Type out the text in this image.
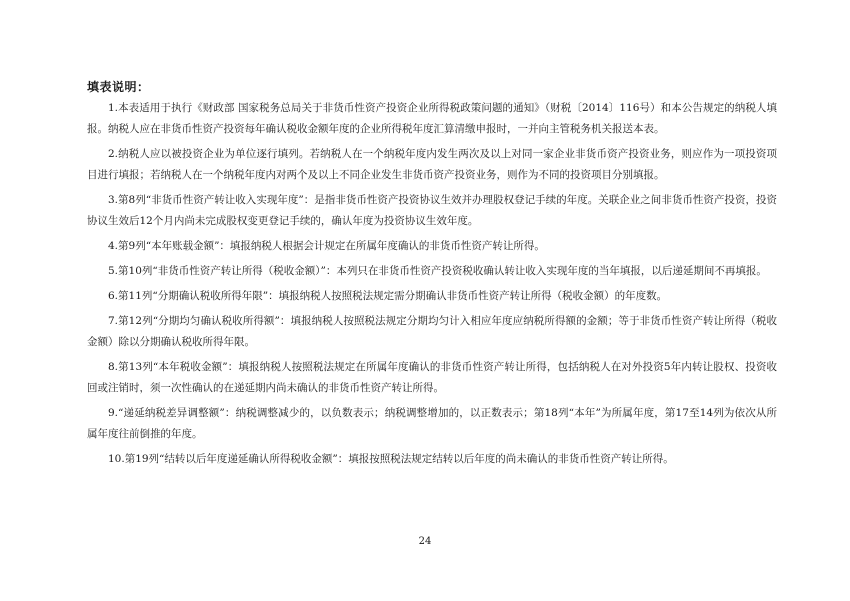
填表说明：

1.本表适用于执行《财政部 国家税务总局关于非货币性资产投资企业所得税政策问题的通知》（财税〔2014〕116号）和本公告规定的纳税人填报。纳税人应在非货币性资产投资每年确认税收金额年度的企业所得税年度汇算清缴申报时，一并向主管税务机关报送本表。

2.纳税人应以被投资企业为单位逐行填列。若纳税人在一个纳税年度内发生两次及以上对同一家企业非货币资产投资业务，则应作为一项投资项目进行填报；若纳税人在一个纳税年度内对两个及以上不同企业发生非货币资产投资业务，则作为不同的投资项目分别填报。

3.第8列“非货币性资产转让收入实现年度”：是指非货币性资产投资协议生效并办理股权登记手续的年度。关联企业之间非货币性资产投资，投资协议生效后12个月内尚未完成股权变更登记手续的，确认年度为投资协议生效年度。

4.第9列“本年账载金额”：填报纳税人根据会计规定在所属年度确认的非货币性资产转让所得。

5.第10列“非货币性资产转让所得（税收金额）”：本列只在非货币性资产投资税收确认转让收入实现年度的当年填报，以后递延期间不再填报。

6.第11列“分期确认税收所得年限”：填报纳税人按照税法规定需分期确认非货币性资产转让所得（税收金额）的年度数。

7.第12列“分期均匀确认税收所得额”：填报纳税人按照税法规定分期均匀计入相应年度应纳税所得额的金额；等于非货币性资产转让所得（税收金额）除以分期确认税收所得年限。

8.第13列“本年税收金额”：填报纳税人按照税法规定在所属年度确认的非货币性资产转让所得，包括纳税人在对外投资5年内转让股权、投资收回或注销时，须一次性确认的在递延期内尚未确认的非货币性资产转让所得。

9.“递延纳税差异调整额”：纳税调整减少的，以负数表示；纳税调整增加的，以正数表示；第18列“本年”为所属年度，第17至14列为依次从所属年度往前倒推的年度。

10.第19列“结转以后年度递延确认所得税收金额”：填报按照税法规定结转以后年度的尚未确认的非货币性资产转让所得。

24
